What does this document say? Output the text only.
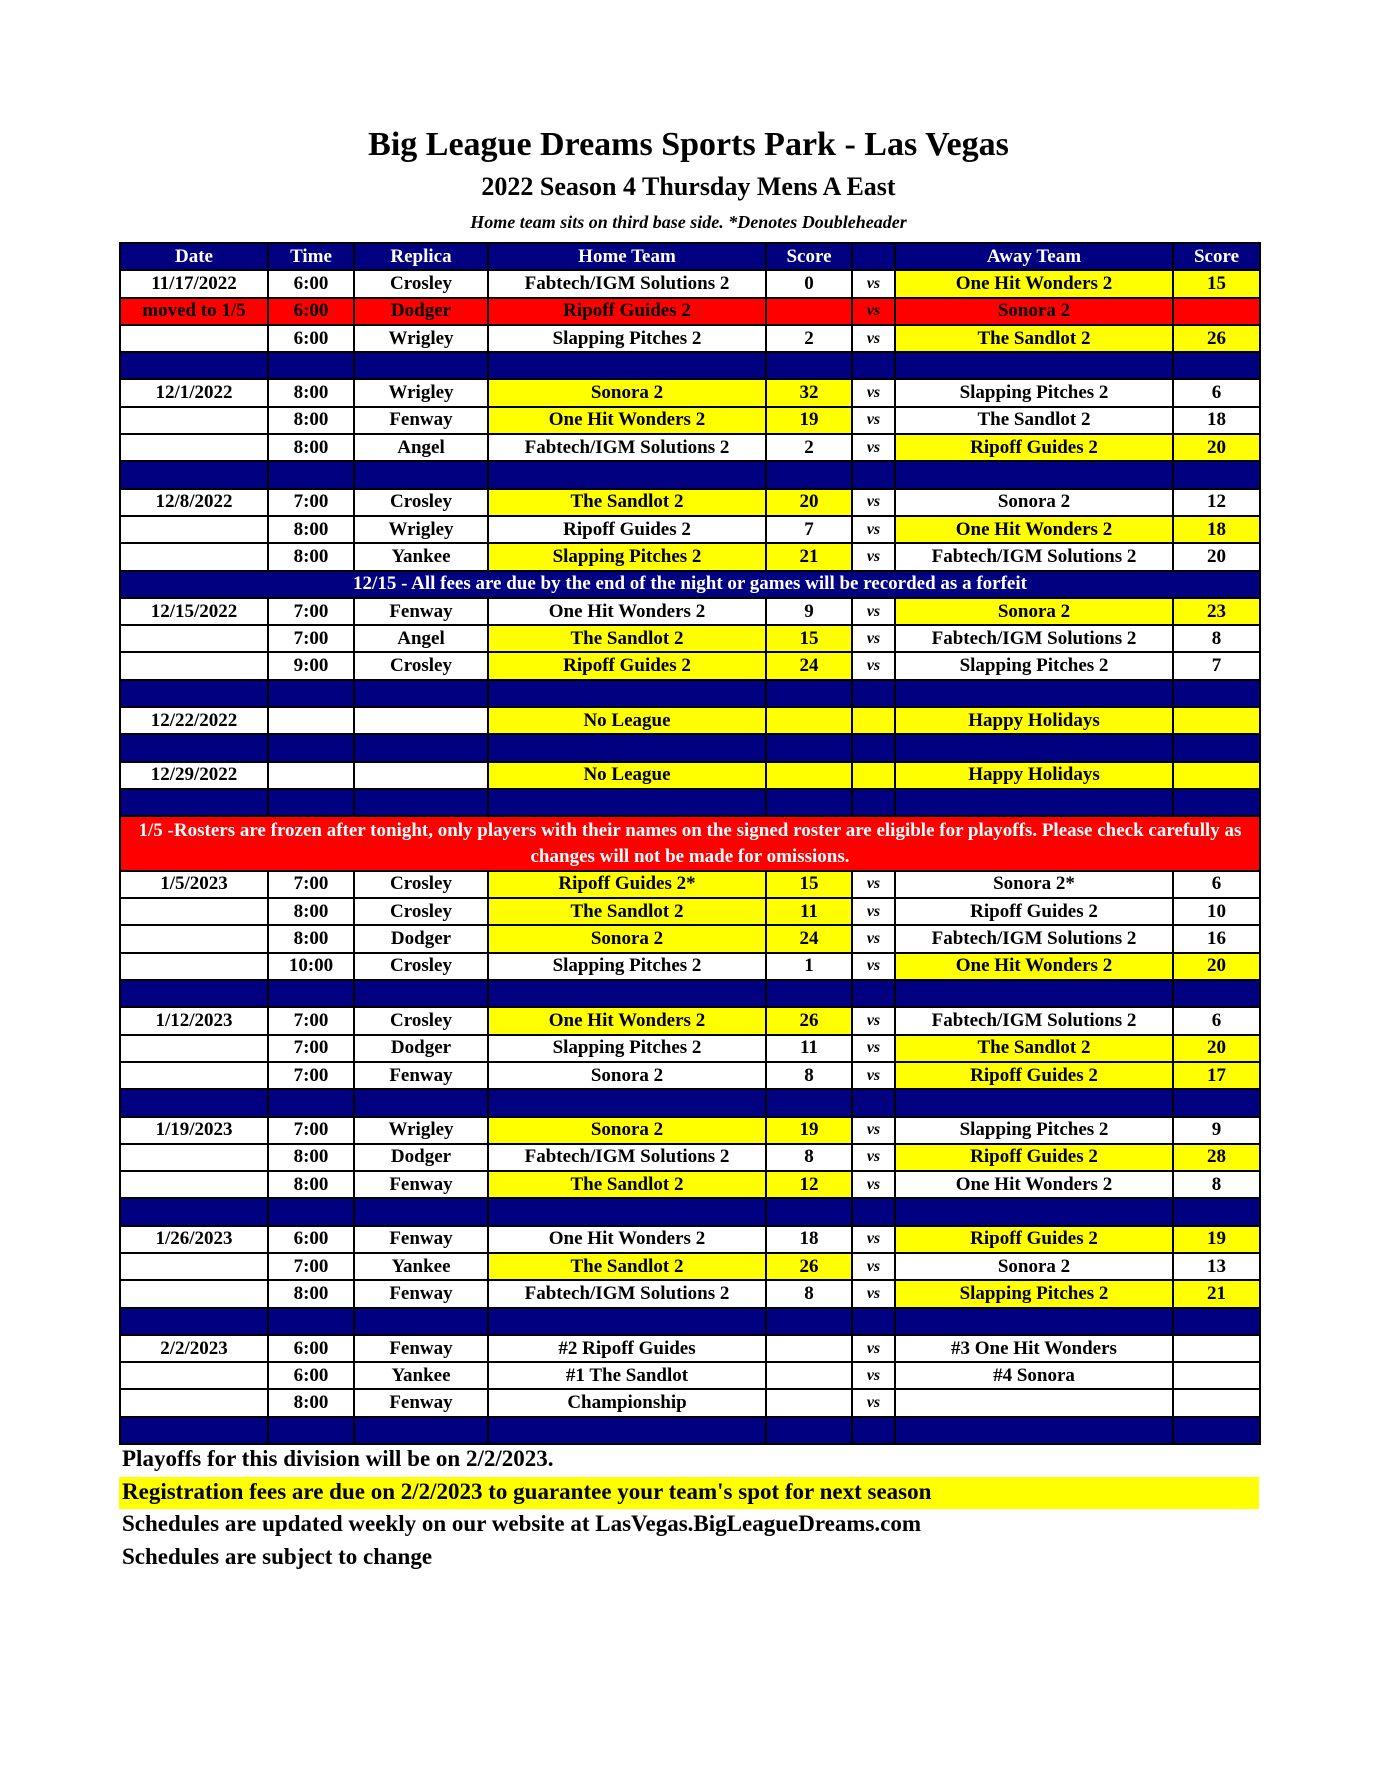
Big League Dreams Sports Park - Las Vegas
2022 Season 4 Thursday Mens A East
Home team sits on third base side. *Denotes Doubleheader
Date	Time	Replica	Home Team	Score		Away Team	Score
11/17/2022	6:00	Crosley	Fabtech/IGM Solutions 2	0	vs	One Hit Wonders 2	15
moved to 1/5	6:00	Dodger	Ripoff Guides 2		vs	Sonora 2	
	6:00	Wrigley	Slapping Pitches 2	2	vs	The Sandlot 2	26

12/1/2022	8:00	Wrigley	Sonora 2	32	vs	Slapping Pitches 2	6
	8:00	Fenway	One Hit Wonders 2	19	vs	The Sandlot 2	18
	8:00	Angel	Fabtech/IGM Solutions 2	2	vs	Ripoff Guides 2	20

12/8/2022	7:00	Crosley	The Sandlot 2	20	vs	Sonora 2	12
	8:00	Wrigley	Ripoff Guides 2	7	vs	One Hit Wonders 2	18
	8:00	Yankee	Slapping Pitches 2	21	vs	Fabtech/IGM Solutions 2	20
12/15 - All fees are due by the end of the night or games will be recorded as a forfeit							
12/15/2022	7:00	Fenway	One Hit Wonders 2	9	vs	Sonora 2	23
	7:00	Angel	The Sandlot 2	15	vs	Fabtech/IGM Solutions 2	8
	9:00	Crosley	Ripoff Guides 2	24	vs	Slapping Pitches 2	7

12/22/2022			No League			Happy Holidays	

12/29/2022			No League			Happy Holidays	

1/5 -Rosters are frozen after tonight, only players with their names on the signed roster are eligible for playoffs. Please check carefully as changes will not be made for omissions.							
1/5/2023	7:00	Crosley	Ripoff Guides 2*	15	vs	Sonora 2*	6
	8:00	Crosley	The Sandlot 2	11	vs	Ripoff Guides 2	10
	8:00	Dodger	Sonora 2	24	vs	Fabtech/IGM Solutions 2	16
	10:00	Crosley	Slapping Pitches 2	1	vs	One Hit Wonders 2	20

1/12/2023	7:00	Crosley	One Hit Wonders 2	26	vs	Fabtech/IGM Solutions 2	6
	7:00	Dodger	Slapping Pitches 2	11	vs	The Sandlot 2	20
	7:00	Fenway	Sonora 2	8	vs	Ripoff Guides 2	17

1/19/2023	7:00	Wrigley	Sonora 2	19	vs	Slapping Pitches 2	9
	8:00	Dodger	Fabtech/IGM Solutions 2	8	vs	Ripoff Guides 2	28
	8:00	Fenway	The Sandlot 2	12	vs	One Hit Wonders 2	8

1/26/2023	6:00	Fenway	One Hit Wonders 2	18	vs	Ripoff Guides 2	19
	7:00	Yankee	The Sandlot 2	26	vs	Sonora 2	13
	8:00	Fenway	Fabtech/IGM Solutions 2	8	vs	Slapping Pitches 2	21

2/2/2023	6:00	Fenway	#2 Ripoff Guides		vs	#3 One Hit Wonders	
	6:00	Yankee	#1 The Sandlot		vs	#4 Sonora	
	8:00	Fenway	Championship		vs		

Playoffs for this division will be on 2/2/2023.
Registration fees are due on 2/2/2023 to guarantee your team's spot for next season
Schedules are updated weekly on our website at LasVegas.BigLeagueDreams.com
Schedules are subject to change
